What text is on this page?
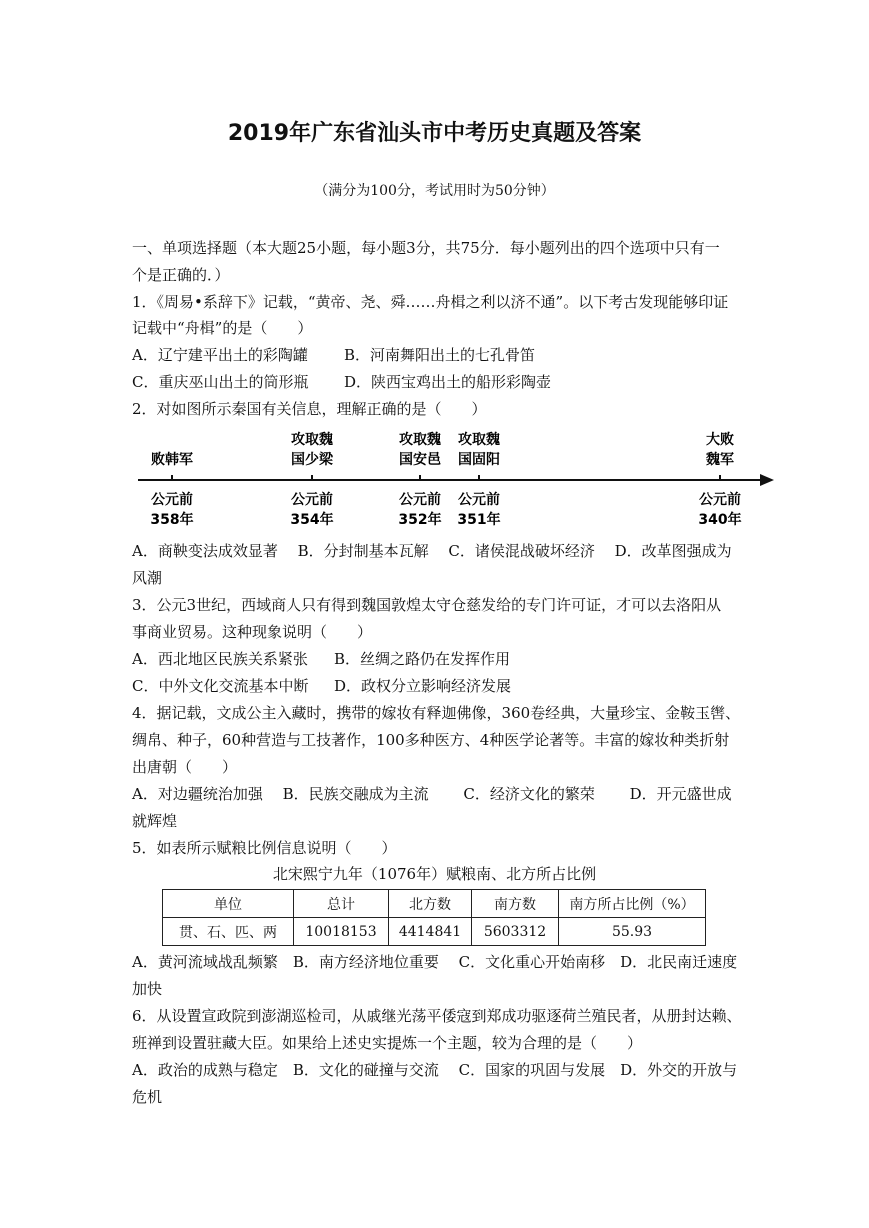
2019年广东省汕头市中考历史真题及答案
（满分为100分，考试用时为50分钟）
一、单项选择题（本大题25小题，每小题3分，共75分．每小题列出的四个选项中只有一
个是正确的．）
1．《周易•系辞下》记载，“黄帝、尧、舜……舟楫之利以济不通”。以下考古发现能够印证
记载中“舟楫”的是（　　）
A．辽宁建平出土的彩陶罐 B．河南舞阳出土的七孔骨笛
C．重庆巫山出土的筒形瓶 D．陕西宝鸡出土的船形彩陶壶
2．对如图所示秦国有关信息，理解正确的是（　　）
败韩军
公元前
358年
攻取魏
国少梁
公元前
354年
攻取魏
国安邑
公元前
352年
攻取魏
国固阳
公元前
351年
大败
魏军
公元前
340年
A．商鞅变法成效显著　 B．分封制基本瓦解　 C．诸侯混战破坏经济　 D．改革图强成为
风潮
3．公元3世纪，西域商人只有得到魏国敦煌太守仓慈发给的专门许可证，才可以去洛阳从
事商业贸易。这种现象说明（　　）
A．西北地区民族关系紧张 B．丝绸之路仍在发挥作用
C．中外文化交流基本中断 D．政权分立影响经济发展
4．据记载，文成公主入藏时，携带的嫁妆有释迦佛像，360卷经典，大量珍宝、金鞍玉辔、
绸帛、种子，60种营造与工技著作，100多种医方、4种医学论著等。丰富的嫁妆种类折射
出唐朝（　　）
A．对边疆统治加强　 B．民族交融成为主流　　 C．经济文化的繁荣　　 D．开元盛世成
就辉煌
5．如表所示赋粮比例信息说明（　　）
北宋熙宁九年（1076年）赋粮南、北方所占比例
单位	总计	北方数	南方数	南方所占比例（%）
贯、石、匹、两	10018153	4414841	5603312	55.93
A．黄河流域战乱频繁　B．南方经济地位重要　 C．文化重心开始南移　D．北民南迁速度
加快
6．从设置宣政院到澎湖巡检司，从戚继光荡平倭寇到郑成功驱逐荷兰殖民者，从册封达赖、
班禅到设置驻藏大臣。如果给上述史实提炼一个主题，较为合理的是（　　）
A．政治的成熟与稳定　B．文化的碰撞与交流　 C．国家的巩固与发展　D．外交的开放与
危机
